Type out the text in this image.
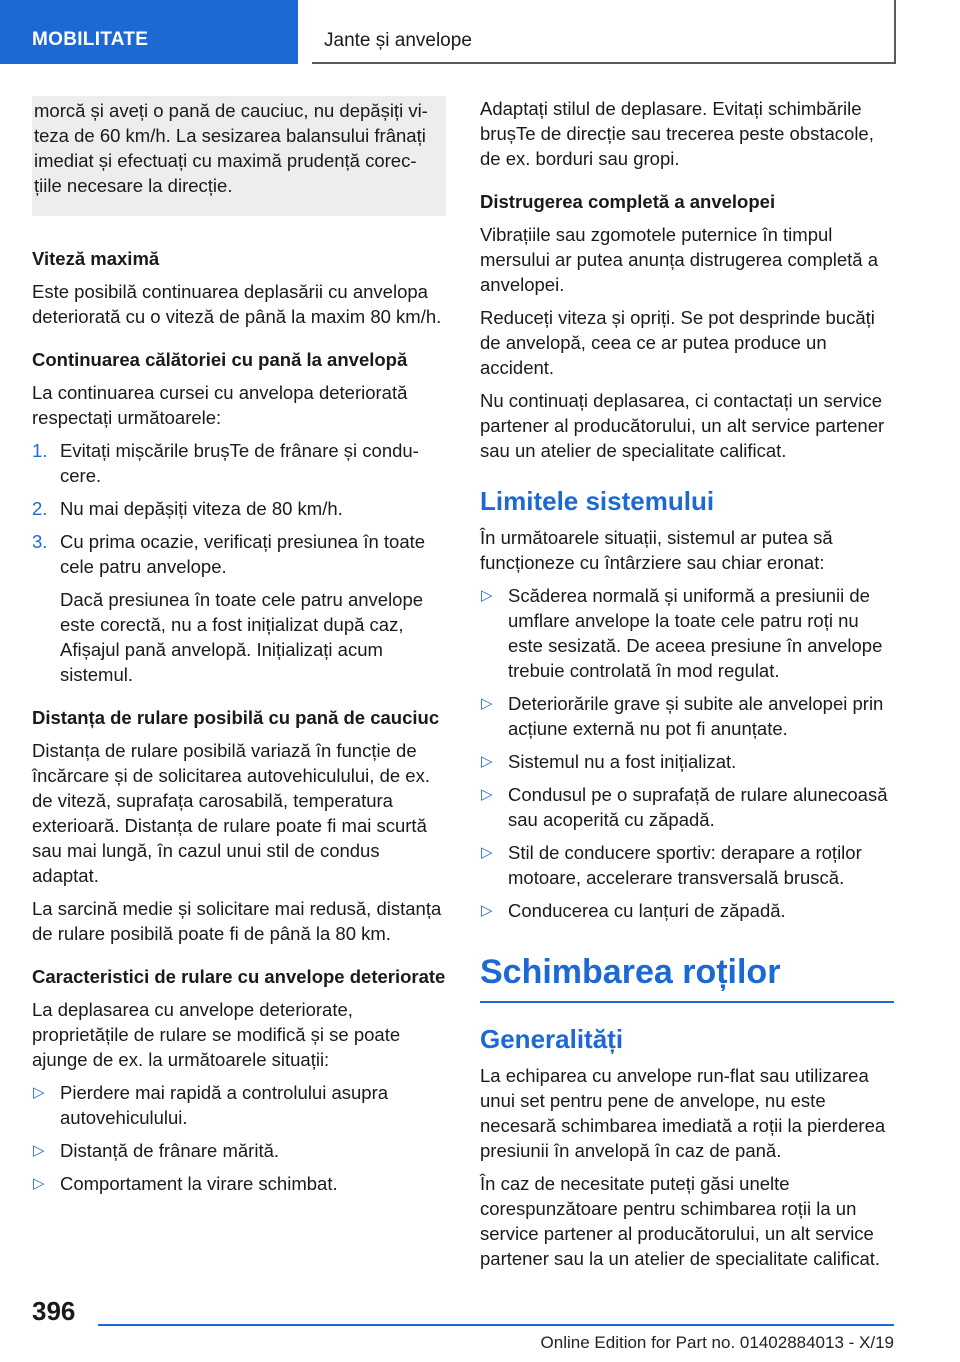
MOBILITATE	Jante și anvelope

morcă și aveți o pană de cauciuc, nu depășiți vi-

teza de 60 km/h. La sesizarea balansului frânați

imediat și efectuați cu maximă prudență corec-

țiile necesare la direcție.

Viteză maximă

Este posibilă continuarea deplasării cu anvelopa deteriorată cu o viteză de până la maxim 80 km/h.

Continuarea călătoriei cu pană la anvelopă

La continuarea cursei cu anvelopa deteriorată respectați următoarele:

1. Evitați mișcările brușTe de frânare și condu-cere.
2. Nu mai depășiți viteza de 80 km/h.
3. Cu prima ocazie, verificați presiunea în toate cele patru anvelope.
Dacă presiunea în toate cele patru anvelope este corectă, nu a fost inițializat după caz, Afișajul pană anvelopă. Inițializați acum sistemul.
Distanța de rulare posibilă cu pană de cauciuc

Distanța de rulare posibilă variază în funcție de încărcare și de solicitarea autovehiculului, de ex. de viteză, suprafața carosabilă, temperatura exterioară. Distanța de rulare poate fi mai scurtă sau mai lungă, în cazul unui stil de condus adaptat.

La sarcină medie și solicitare mai redusă, distanța de rulare posibilă poate fi de până la 80 km.

Caracteristici de rulare cu anvelope deteriorate

La deplasarea cu anvelope deteriorate, proprietățile de rulare se modifică și se poate ajunge de ex. la următoarele situații:

▷ Pierdere mai rapidă a controlului asupra autovehiculului.
▷ Distanță de frânare mărită.
▷ Comportament la virare schimbat.

Adaptați stilul de deplasare. Evitați schimbările brușTe de direcție sau trecerea peste obstacole, de ex. borduri sau gropi.

Distrugerea completă a anvelopei

Vibrațiile sau zgomotele puternice în timpul mersului ar putea anunța distrugerea completă a anvelopei.

Reduceți viteza și opriți. Se pot desprinde bucăți de anvelopă, ceea ce ar putea produce un accident.

Nu continuați deplasarea, ci contactați un service partener al producătorului, un alt service partener sau un atelier de specialitate calificat.

Limitele sistemului

În următoarele situații, sistemul ar putea să funcționeze cu întârziere sau chiar eronat:

▷ Scăderea normală și uniformă a presiunii de umflare anvelope la toate cele patru roți nu este sesizată. De aceea presiune în anvelope trebuie controlată în mod regulat.
▷ Deteriorările grave și subite ale anvelopei prin acțiune externă nu pot fi anunțate.
▷ Sistemul nu a fost inițializat.
▷ Condusul pe o suprafață de rulare alunecoasă sau acoperită cu zăpadă.
▷ Stil de conducere sportiv: derapare a roților motoare, accelerare transversală bruscă.
▷ Conducerea cu lanțuri de zăpadă.
Schimbarea roților
Generalități

La echiparea cu anvelope run-flat sau utilizarea unui set pentru pene de anvelope, nu este necesară schimbarea imediată a roții la pierderea presiunii în anvelopă în caz de pană.

În caz de necesitate puteți găsi unelte corespunzătoare pentru schimbarea roții la un service partener al producătorului, un alt service partener sau la un atelier de specialitate calificat.

396
Online Edition for Part no. 01402884013 - X/19
